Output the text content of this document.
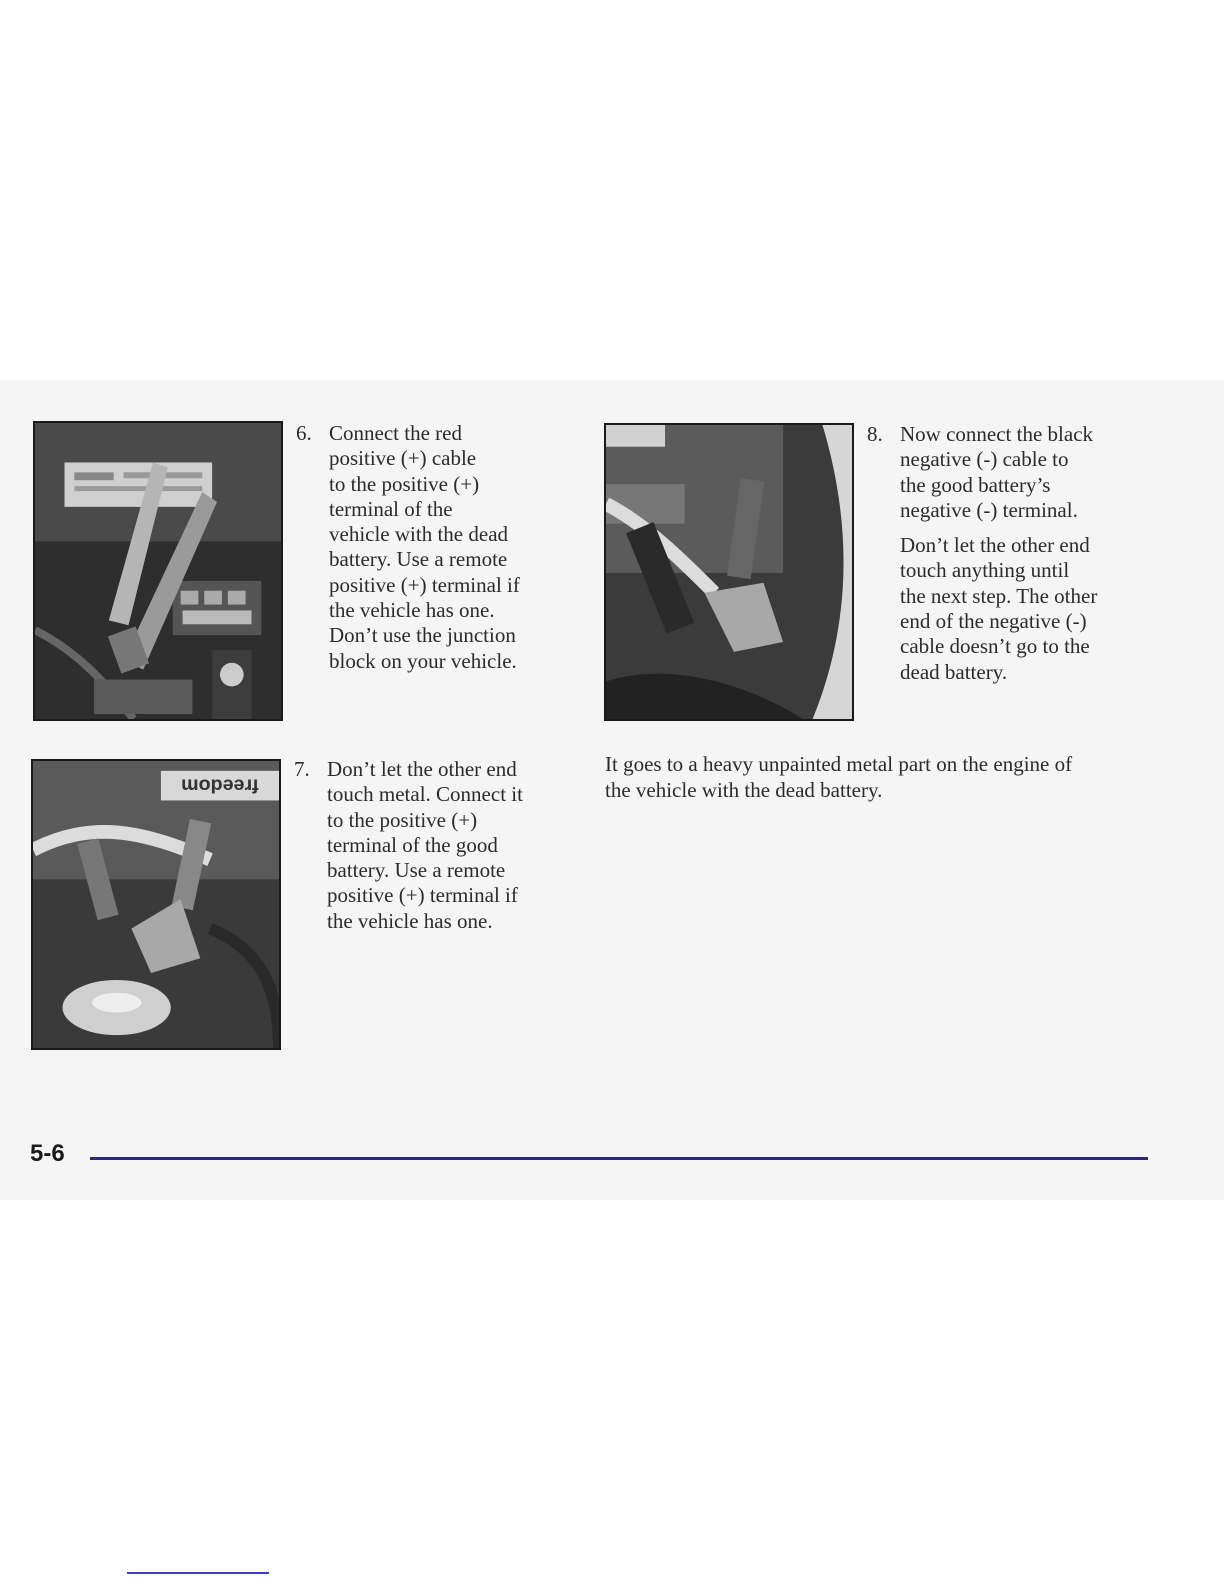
6. Connect the red
positive (+) cable
to the positive (+)
terminal of the
vehicle with the dead
battery. Use a remote
positive (+) terminal if
the vehicle has one.
Don’t use the junction
block on your vehicle.
freedom
7. Don’t let the other end
touch metal. Connect it
to the positive (+)
terminal of the good
battery. Use a remote
positive (+) terminal if
the vehicle has one.
8. Now connect the black
negative (-) cable to
the good battery’s
negative (-) terminal.

Don’t let the other end
touch anything until
the next step. The other
end of the negative (-)
cable doesn’t go to the
dead battery.

It goes to a heavy unpainted metal part on the engine of
the vehicle with the dead battery.
5-6
